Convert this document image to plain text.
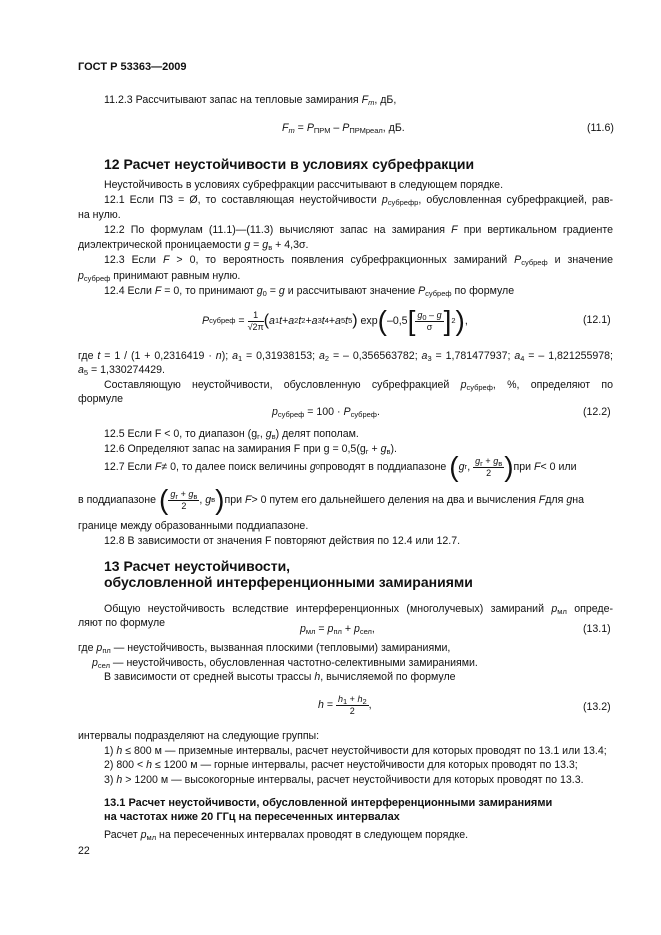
ГОСТ Р 53363—2009
11.2.3 Рассчитывают запас на тепловые замирания $F_m$, дБ,
$F_m = P_{ПРМ} - P_{ПРМреал}$, дБ.	(11.6)
12 Расчет неустойчивости в условиях субрефракции
Неустойчивость в условиях субрефракции рассчитывают в следующем порядке.
12.1 Если ПЗ = Ø, то составляющая неустойчивости $p_{субрефр}$, обусловленная субрефракцией, рав-
на нулю.
12.2 По формулам (11.1)—(11.3) вычисляют запас на замирания F при вертикальном градиенте
диэлектрической проницаемости $g = g_в + 4,3\sigma$.
12.3 Если F > 0, то вероятность появления субрефракционных замираний $P_{субреф}$ и значение
$p_{субреф}$ принимают равным нулю.
12.4 Если F = 0, то принимают $g_0 = g$ и рассчитывают значение $P_{субреф}$ по формуле
P субреф = $\frac{1}{√2\pi}$ ( a 1 t + a 2 t 2 + a 3 t 4 + a 5 t 5 ) exp ( – 0,5 [ $\frac{g_0 - g}{\sigma}$ ] 2 ) ,	(12.1)
где t = 1 / (1 + 0,2316419 · n); $a_1 = 0,31938153$; $a_2$ = – 0,356563782; $a_3 = 1,781477937$; $a_4$ = – 1,821255978;
$a_5 = 1,330274429$.
Составляющую неустойчивости, обусловленную субрефракцией $p_{субреф}$, %, определяют по
формуле
$p_{субреф} = 100 \cdot P_{субреф}$.	(12.2)
12.5 Если F < 0, то диапазон ($g_г$, $g_в$) делят пополам.
12.6 Определяют запас на замирания F при $g = 0,5(g_г + g_в)$.
12.7 Если F ≠ 0, то далее поиск величины g 0 проводят в поддиапазоне
( g г , $\frac{g_г + g_в}{2}$ ) при
F < 0 или
в поддиапазоне
( $\frac{g_г + g_в}{2}$ , g в ) при
F > 0 путем его дальнейшего деления на два и вычисления
F для
g на
границе между образованными поддиапазоне.
12.8 В зависимости от значения F повторяют действия по 12.4 или 12.7.
13 Расчет неустойчивости,
обусловленной интерференционными замираниями
Общую неустойчивость вследствие интерференционных (многолучевых) замираний $p_{мл}$ опреде-
ляют по формуле	$p_{мл} = p_{пл} + p_{сел}$,	(13.1)
где $p_{пл}$ — неустойчивость, вызванная плоскими (тепловыми) замираниями,
$p_{сел}$ — неустойчивость, обусловленная частотно-селективными замираниями.
В зависимости от средней высоты трассы h, вычисляемой по формуле
$h = \frac{h_1 + h_2}{2}$ ,	(13.2)
интервалы подразделяют на следующие группы:
1) h ≤ 800 м — приземные интервалы, расчет неустойчивости для которых проводят по 13.1 или 13.4;
2) 800 < h ≤ 1200 м — горные интервалы, расчет неустойчивости для которых проводят по 13.3;
3) h > 1200 м — высокогорные интервалы, расчет неустойчивости для которых проводят по 13.3.
13.1 Расчет неустойчивости, обусловленной интерференционными замираниями
на частотах ниже 20 ГГц на пересеченных интервалах
Расчет $p_{мл}$ на пересеченных интервалах проводят в следующем порядке.
22
